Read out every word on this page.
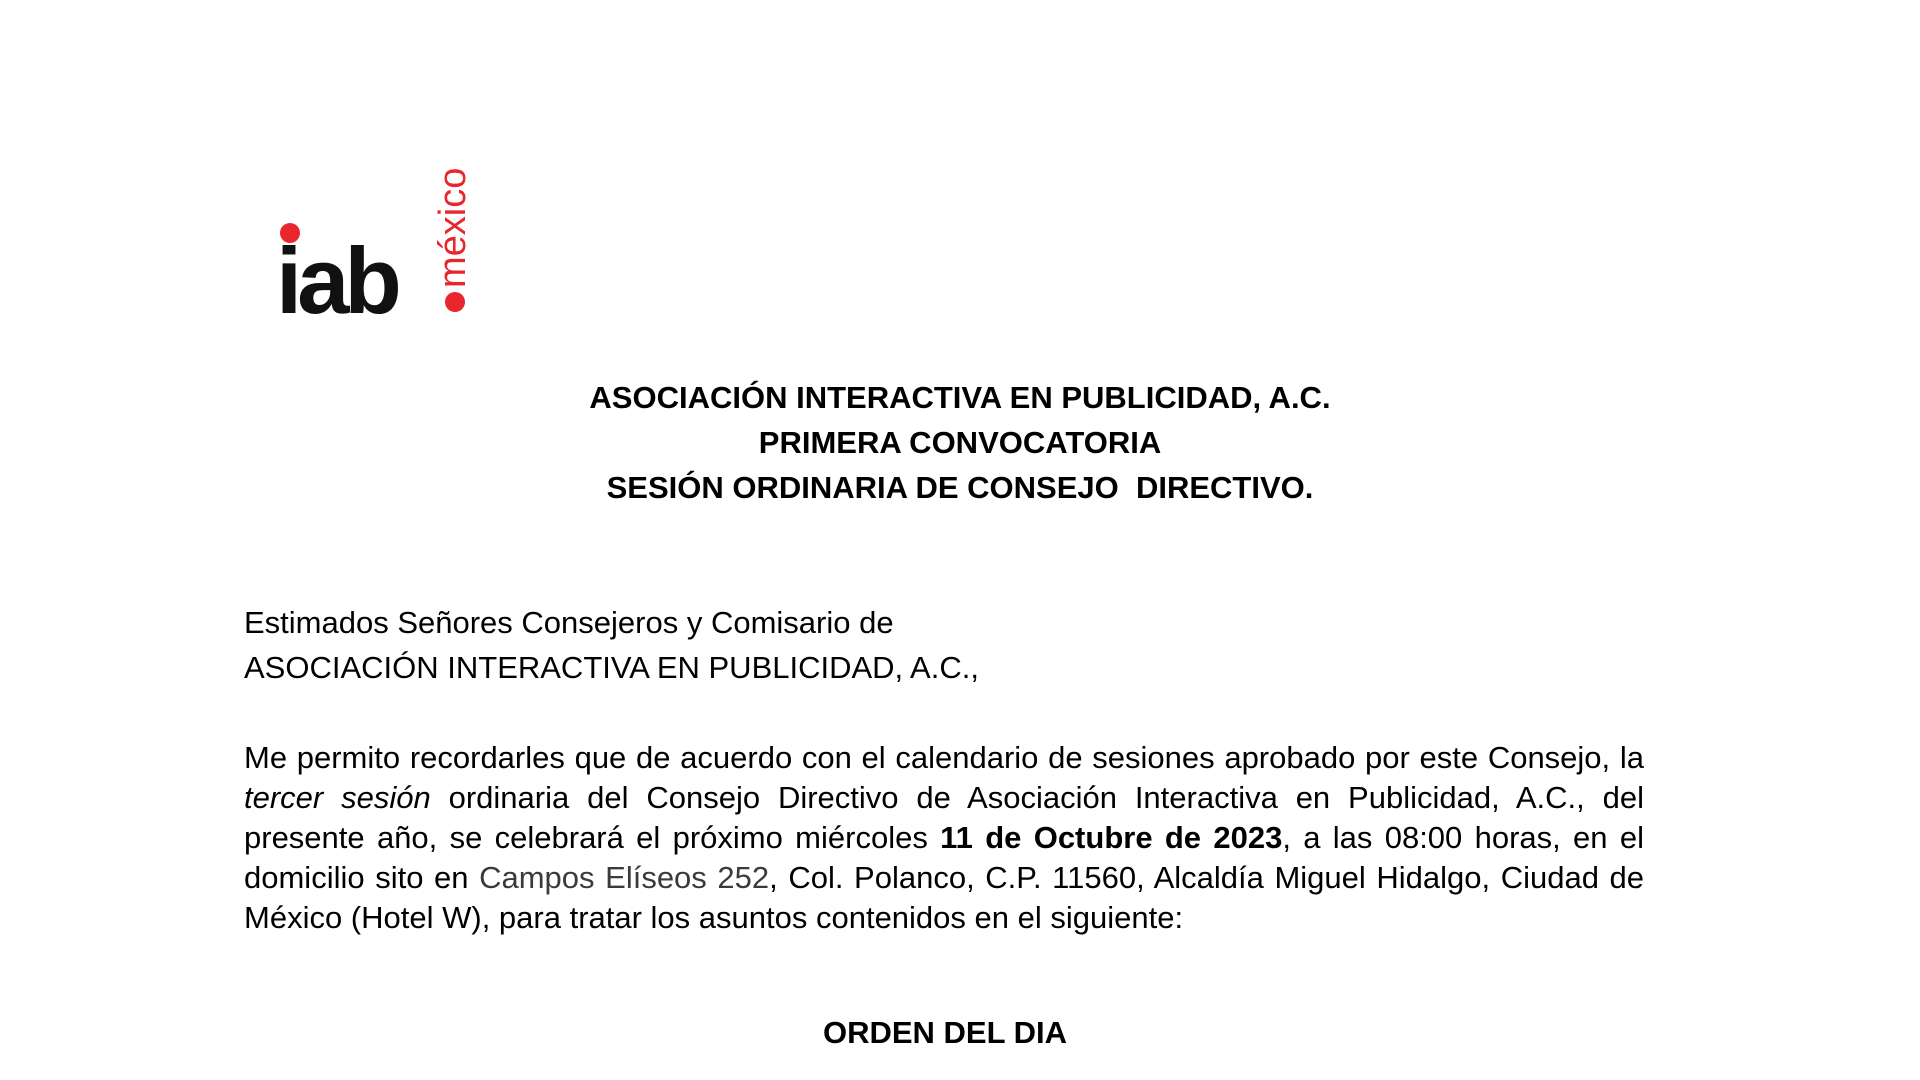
iab méxico
ASOCIACIÓN INTERACTIVA EN PUBLICIDAD, A.C.
PRIMERA CONVOCATORIA
SESIÓN ORDINARIA DE CONSEJO  DIRECTIVO.
Estimados Señores Consejeros y Comisario de
ASOCIACIÓN INTERACTIVA EN PUBLICIDAD, A.C.,
Me permito recordarles que de acuerdo con el calendario de sesiones aprobado por este Consejo, la tercer sesión ordinaria del Consejo Directivo de Asociación Interactiva en Publicidad, A.C., del presente año, se celebrará el próximo miércoles 11 de Octubre de 2023, a las 08:00 horas, en el domicilio sito en Campos Elíseos 252, Col. Polanco, C.P. 11560, Alcaldía Miguel Hidalgo, Ciudad de México (Hotel W), para tratar los asuntos contenidos en el siguiente:
ORDEN DEL DIA
